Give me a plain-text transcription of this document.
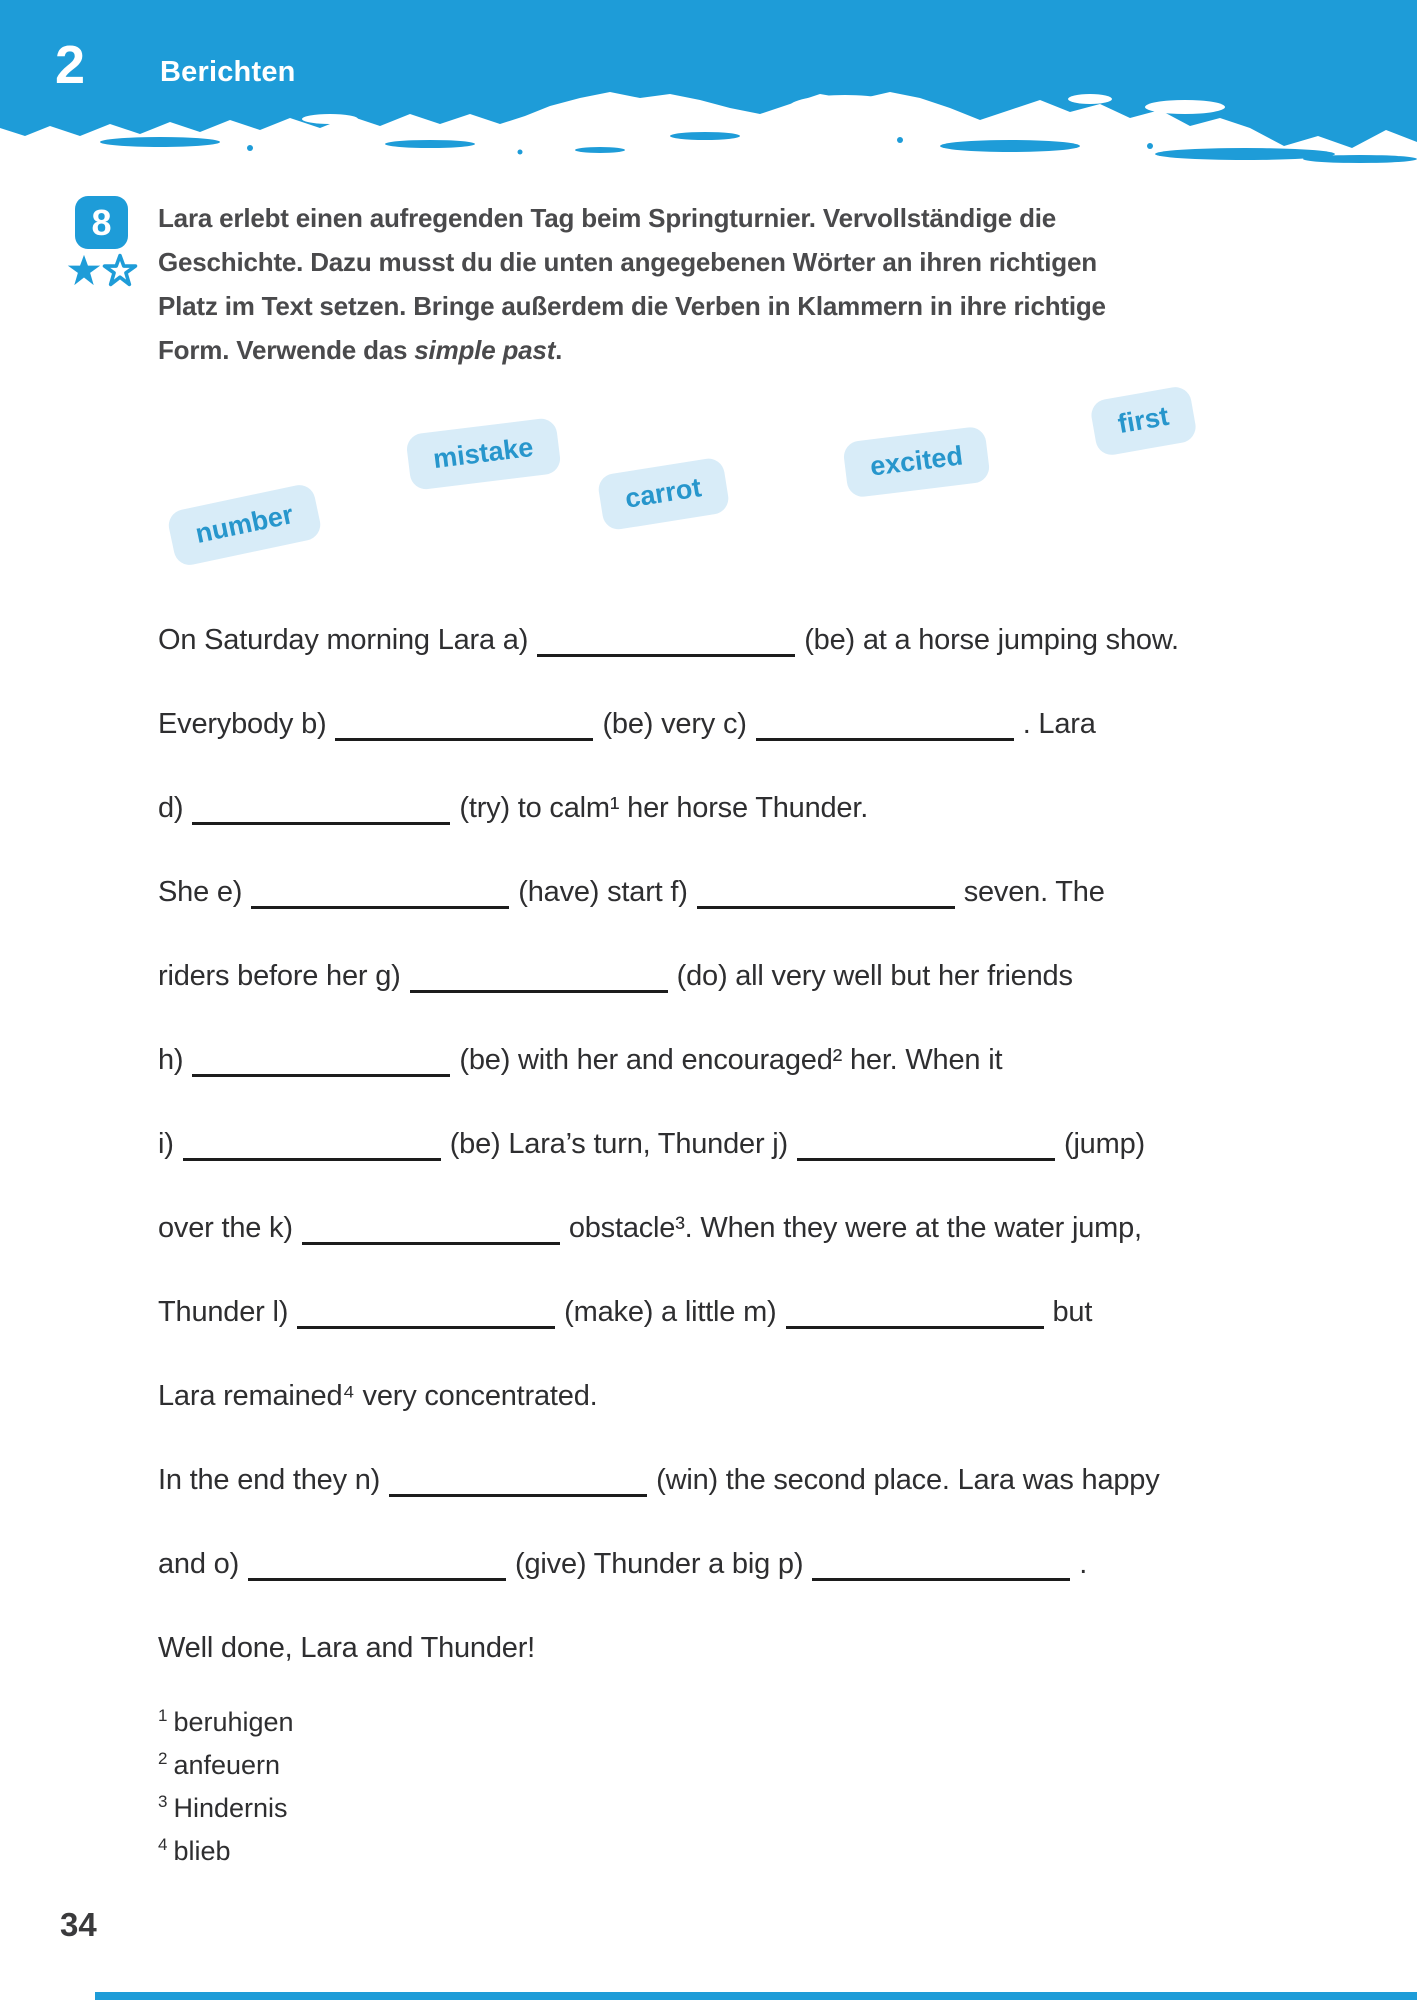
2	Berichten
8	Lara erlebt einen aufregenden Tag beim Springturnier. Vervollständige die
Geschichte. Dazu musst du die unten angegebenen Wörter an ihren richtigen
Platz im Text setzen. Bringe außerdem die Verben in Klammern in ihre richtige
Form. Verwende das simple past.
number
mistake
carrot
excited
first
On Saturday morning Lara a)	(be) at a horse jumping show.
Everybody b)	(be) very c)	. Lara
d)	(try) to calm¹ her horse Thunder.
She e)	(have) start f)	seven. The
riders before her g)	(do) all very well but her friends
h)	(be) with her and encouraged² her. When it
i)	(be) Lara’s turn, Thunder j)	(jump)
over the k)	obstacle³. When they were at the water jump,
Thunder l)	(make) a little m)	but
Lara remained⁴ very concentrated.
In the end they n)	(win) the second place. Lara was happy
and o)	(give) Thunder a big p)	.
Well done, Lara and Thunder!
$^1$ beruhigen
$^2$ anfeuern
$^3$ Hindernis
$^4$ blieb
34
